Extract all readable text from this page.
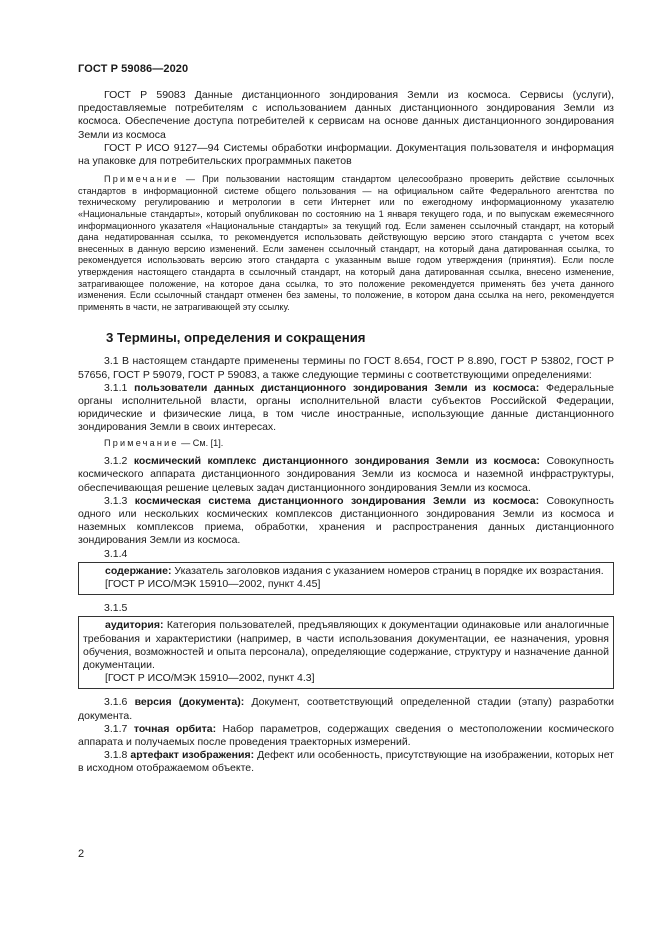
ГОСТ Р 59086—2020

ГОСТ Р 59083 Данные дистанционного зондирования Земли из космоса. Сервисы (услуги), предоставляемые потребителям с использованием данных дистанционного зондирования Земли из космоса. Обеспечение доступа потребителей к сервисам на основе данных дистанционного зондирования Земли из космоса

ГОСТ Р ИСО 9127—94 Системы обработки информации. Документация пользователя и информация на упаковке для потребительских программных пакетов

Примечание — При пользовании настоящим стандартом целесообразно проверить действие ссылочных стандартов в информационной системе общего пользования — на официальном сайте Федерального агентства по техническому регулированию и метрологии в сети Интернет или по ежегодному информационному указателю «Национальные стандарты», который опубликован по состоянию на 1 января текущего года, и по выпускам ежемесячного информационного указателя «Национальные стандарты» за текущий год. Если заменен ссылочный стандарт, на который дана недатированная ссылка, то рекомендуется использовать действующую версию этого стандарта с учетом всех внесенных в данную версию изменений. Если заменен ссылочный стандарт, на который дана датированная ссылка, то рекомендуется использовать версию этого стандарта с указанным выше годом утверждения (принятия). Если после утверждения настоящего стандарта в ссылочный стандарт, на который дана датированная ссылка, внесено изменение, затрагивающее положение, на которое дана ссылка, то это положение рекомендуется применять без учета данного изменения. Если ссылочный стандарт отменен без замены, то положение, в котором дана ссылка на него, рекомендуется применять в части, не затрагивающей эту ссылку.

3 Термины, определения и сокращения

3.1 В настоящем стандарте применены термины по ГОСТ 8.654, ГОСТ Р 8.890, ГОСТ Р 53802, ГОСТ Р 57656, ГОСТ Р 59079, ГОСТ Р 59083, а также следующие термины с соответствующими определениями:

3.1.1 пользователи данных дистанционного зондирования Земли из космоса: Федеральные органы исполнительной власти, органы исполнительной власти субъектов Российской Федерации, юридические и физические лица, в том числе иностранные, использующие данные дистанционного зондирования Земли в своих интересах.

Примечание — См. [1].

3.1.2 космический комплекс дистанционного зондирования Земли из космоса: Совокупность космического аппарата дистанционного зондирования Земли из космоса и наземной инфраструктуры, обеспечивающая решение целевых задач дистанционного зондирования Земли из космоса.

3.1.3 космическая система дистанционного зондирования Земли из космоса: Совокупность одного или нескольких космических комплексов дистанционного зондирования Земли из космоса и наземных комплексов приема, обработки, хранения и распространения данных дистанционного зондирования Земли из космоса.

3.1.4

содержание: Указатель заголовков издания с указанием номеров страниц в порядке их возрастания.

[ГОСТ Р ИСО/МЭК 15910—2002, пункт 4.45]

3.1.5

аудитория: Категория пользователей, предъявляющих к документации одинаковые или аналогичные требования и характеристики (например, в части использования документации, ее назначения, уровня обучения, возможностей и опыта персонала), определяющие содержание, структуру и назначение данной документации.

[ГОСТ Р ИСО/МЭК 15910—2002, пункт 4.3]

3.1.6 версия (документа): Документ, соответствующий определенной стадии (этапу) разработки документа.

3.1.7 точная орбита: Набор параметров, содержащих сведения о местоположении космического аппарата и получаемых после проведения траекторных измерений.

3.1.8 артефакт изображения: Дефект или особенность, присутствующие на изображении, которых нет в исходном отображаемом объекте.

2
